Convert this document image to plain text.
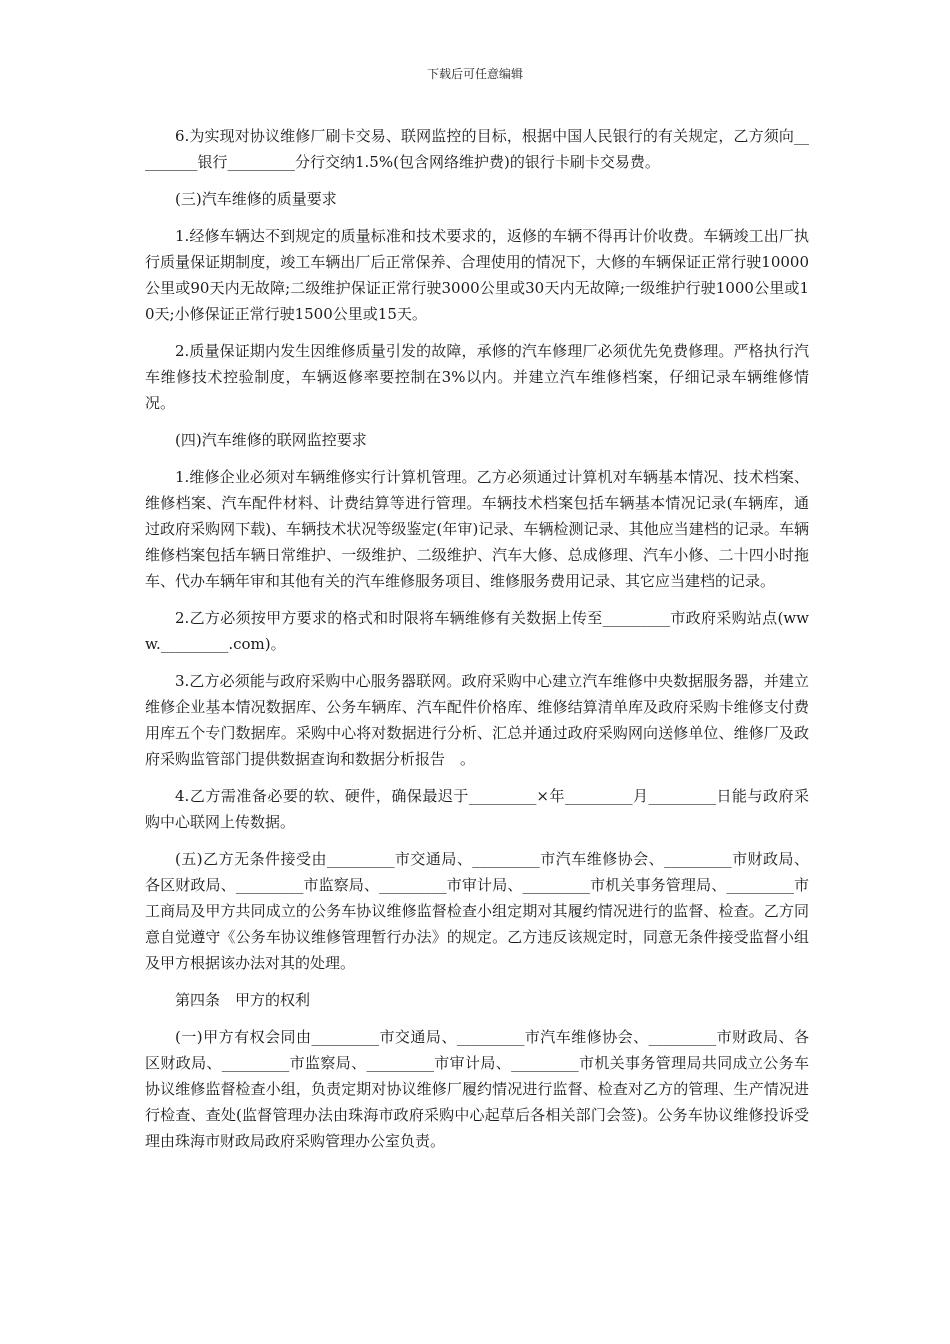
下载后可任意编辑

6.为实现对协议维修厂刷卡交易、联网监控的目标，根据中国人民银行的有关规定，乙方须向_________银行_________分行交纳1.5%(包含网络维护费)的银行卡刷卡交易费。

(三)汽车维修的质量要求

1.经修车辆达不到规定的质量标准和技术要求的，返修的车辆不得再计价收费。车辆竣工出厂执行质量保证期制度，竣工车辆出厂后正常保养、合理使用的情况下，大修的车辆保证正常行驶10000公里或90天内无故障;二级维护保证正常行驶3000公里或30天内无故障;一级维护行驶1000公里或10天;小修保证正常行驶1500公里或15天。

2.质量保证期内发生因维修质量引发的故障，承修的汽车修理厂必须优先免费修理。严格执行汽车维修技术控验制度，车辆返修率要控制在3%以内。并建立汽车维修档案，仔细记录车辆维修情况。

(四)汽车维修的联网监控要求

1.维修企业必须对车辆维修实行计算机管理。乙方必须通过计算机对车辆基本情况、技术档案、维修档案、汽车配件材料、计费结算等进行管理。车辆技术档案包括车辆基本情况记录(车辆库，通过政府采购网下载)、车辆技术状况等级鉴定(年审)记录、车辆检测记录、其他应当建档的记录。车辆维修档案包括车辆日常维护、一级维护、二级维护、汽车大修、总成修理、汽车小修、二十四小时拖车、代办车辆年审和其他有关的汽车维修服务项目、维修服务费用记录、其它应当建档的记录。

2.乙方必须按甲方要求的格式和时限将车辆维修有关数据上传至_________市政府采购站点(www._________.com)。

3.乙方必须能与政府采购中心服务器联网。政府采购中心建立汽车维修中央数据服务器，并建立维修企业基本情况数据库、公务车辆库、汽车配件价格库、维修结算清单库及政府采购卡维修支付费用库五个专门数据库。采购中心将对数据进行分析、汇总并通过政府采购网向送修单位、维修厂及政府采购监管部门提供数据查询和数据分析报告　。

4.乙方需准备必要的软、硬件，确保最迟于_________×年_________月_________日能与政府采购中心联网上传数据。

(五)乙方无条件接受由_________市交通局、_________市汽车维修协会、_________市财政局、各区财政局、_________市监察局、_________市审计局、_________市机关事务管理局、_________市工商局及甲方共同成立的公务车协议维修监督检查小组定期对其履约情况进行的监督、检查。乙方同意自觉遵守《公务车协议维修管理暂行办法》的规定。乙方违反该规定时，同意无条件接受监督小组及甲方根据该办法对其的处理。

第四条　甲方的权利

(一)甲方有权会同由_________市交通局、_________市汽车维修协会、_________市财政局、各区财政局、_________市监察局、_________市审计局、_________市机关事务管理局共同成立公务车协议维修监督检查小组，负责定期对协议维修厂履约情况进行监督、检查对乙方的管理、生产情况进行检查、查处(监督管理办法由珠海市政府采购中心起草后各相关部门会签)。公务车协议维修投诉受理由珠海市财政局政府采购管理办公室负责。
